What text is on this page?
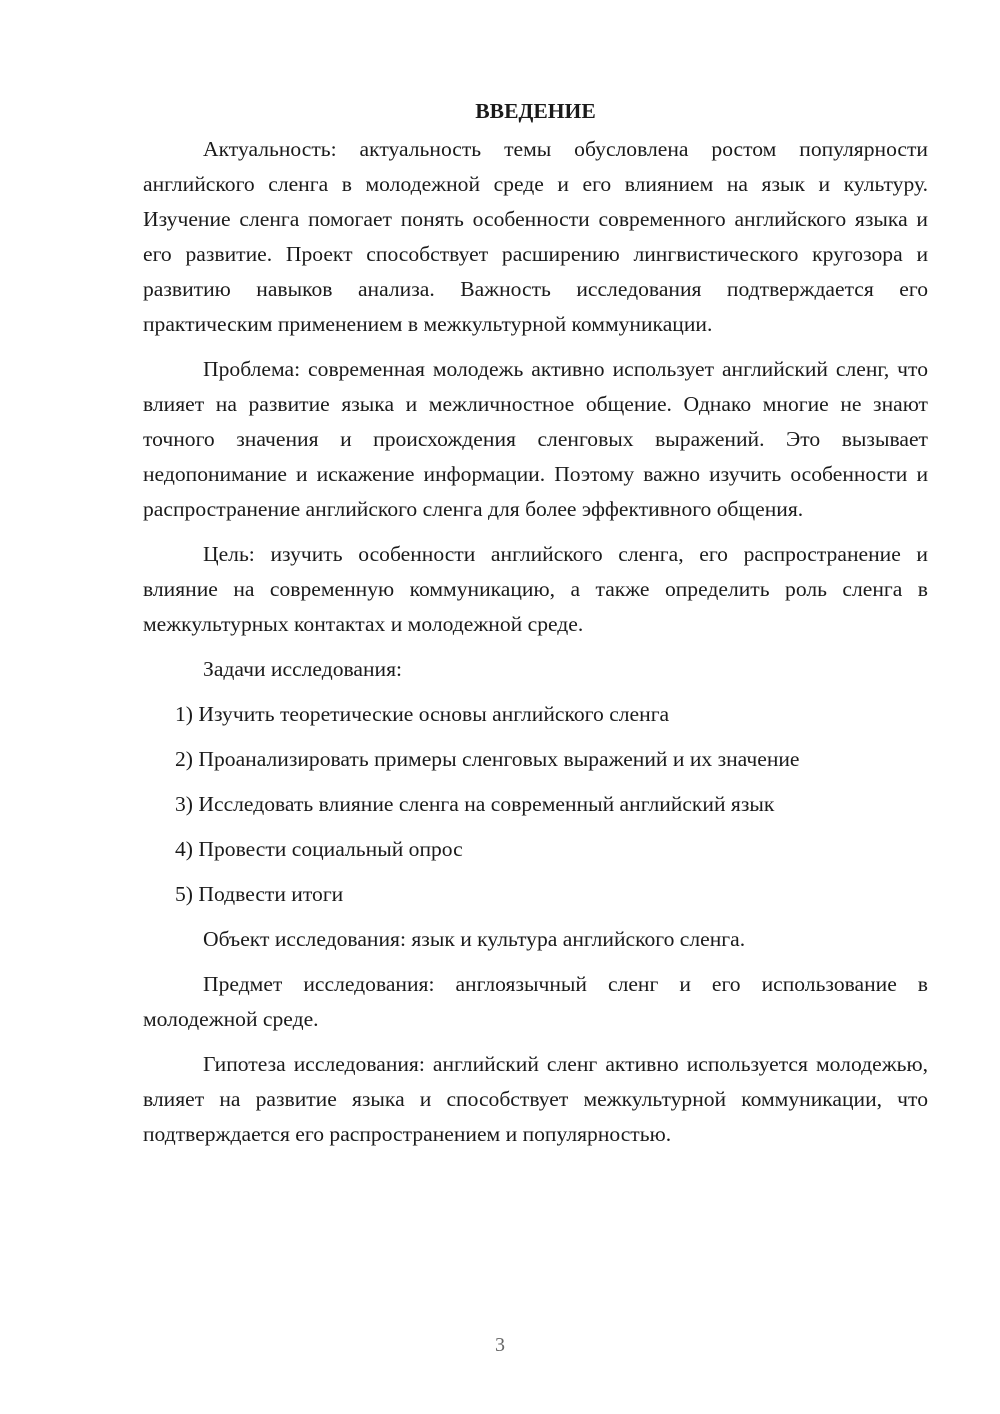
ВВЕДЕНИЕ

Актуальность: актуальность темы обусловлена ростом популярности английского сленга в молодежной среде и его влиянием на язык и культуру. Изучение сленга помогает понять особенности современного английского языка и его развитие. Проект способствует расширению лингвистического кругозора и развитию навыков анализа. Важность исследования подтверждается его практическим применением в межкультурной коммуникации.

Проблема: современная молодежь активно использует английский сленг, что влияет на развитие языка и межличностное общение. Однако многие не знают точного значения и происхождения сленговых выражений. Это вызывает недопонимание и искажение информации. Поэтому важно изучить особенности и распространение английского сленга для более эффективного общения.

Цель: изучить особенности английского сленга, его распространение и влияние на современную коммуникацию, а также определить роль сленга в межкультурных контактах и молодежной среде.

Задачи исследования:
1) Изучить теоретические основы английского сленга
2) Проанализировать примеры сленговых выражений и их значение
3) Исследовать влияние сленга на современный английский язык
4) Провести социальный опрос
5) Подвести итоги

Объект исследования: язык и культура английского сленга.

Предмет исследования: англоязычный сленг и его использование в молодежной среде.

Гипотеза исследования: английский сленг активно используется молодежью, влияет на развитие языка и способствует межкультурной коммуникации, что подтверждается его распространением и популярностью.

3
